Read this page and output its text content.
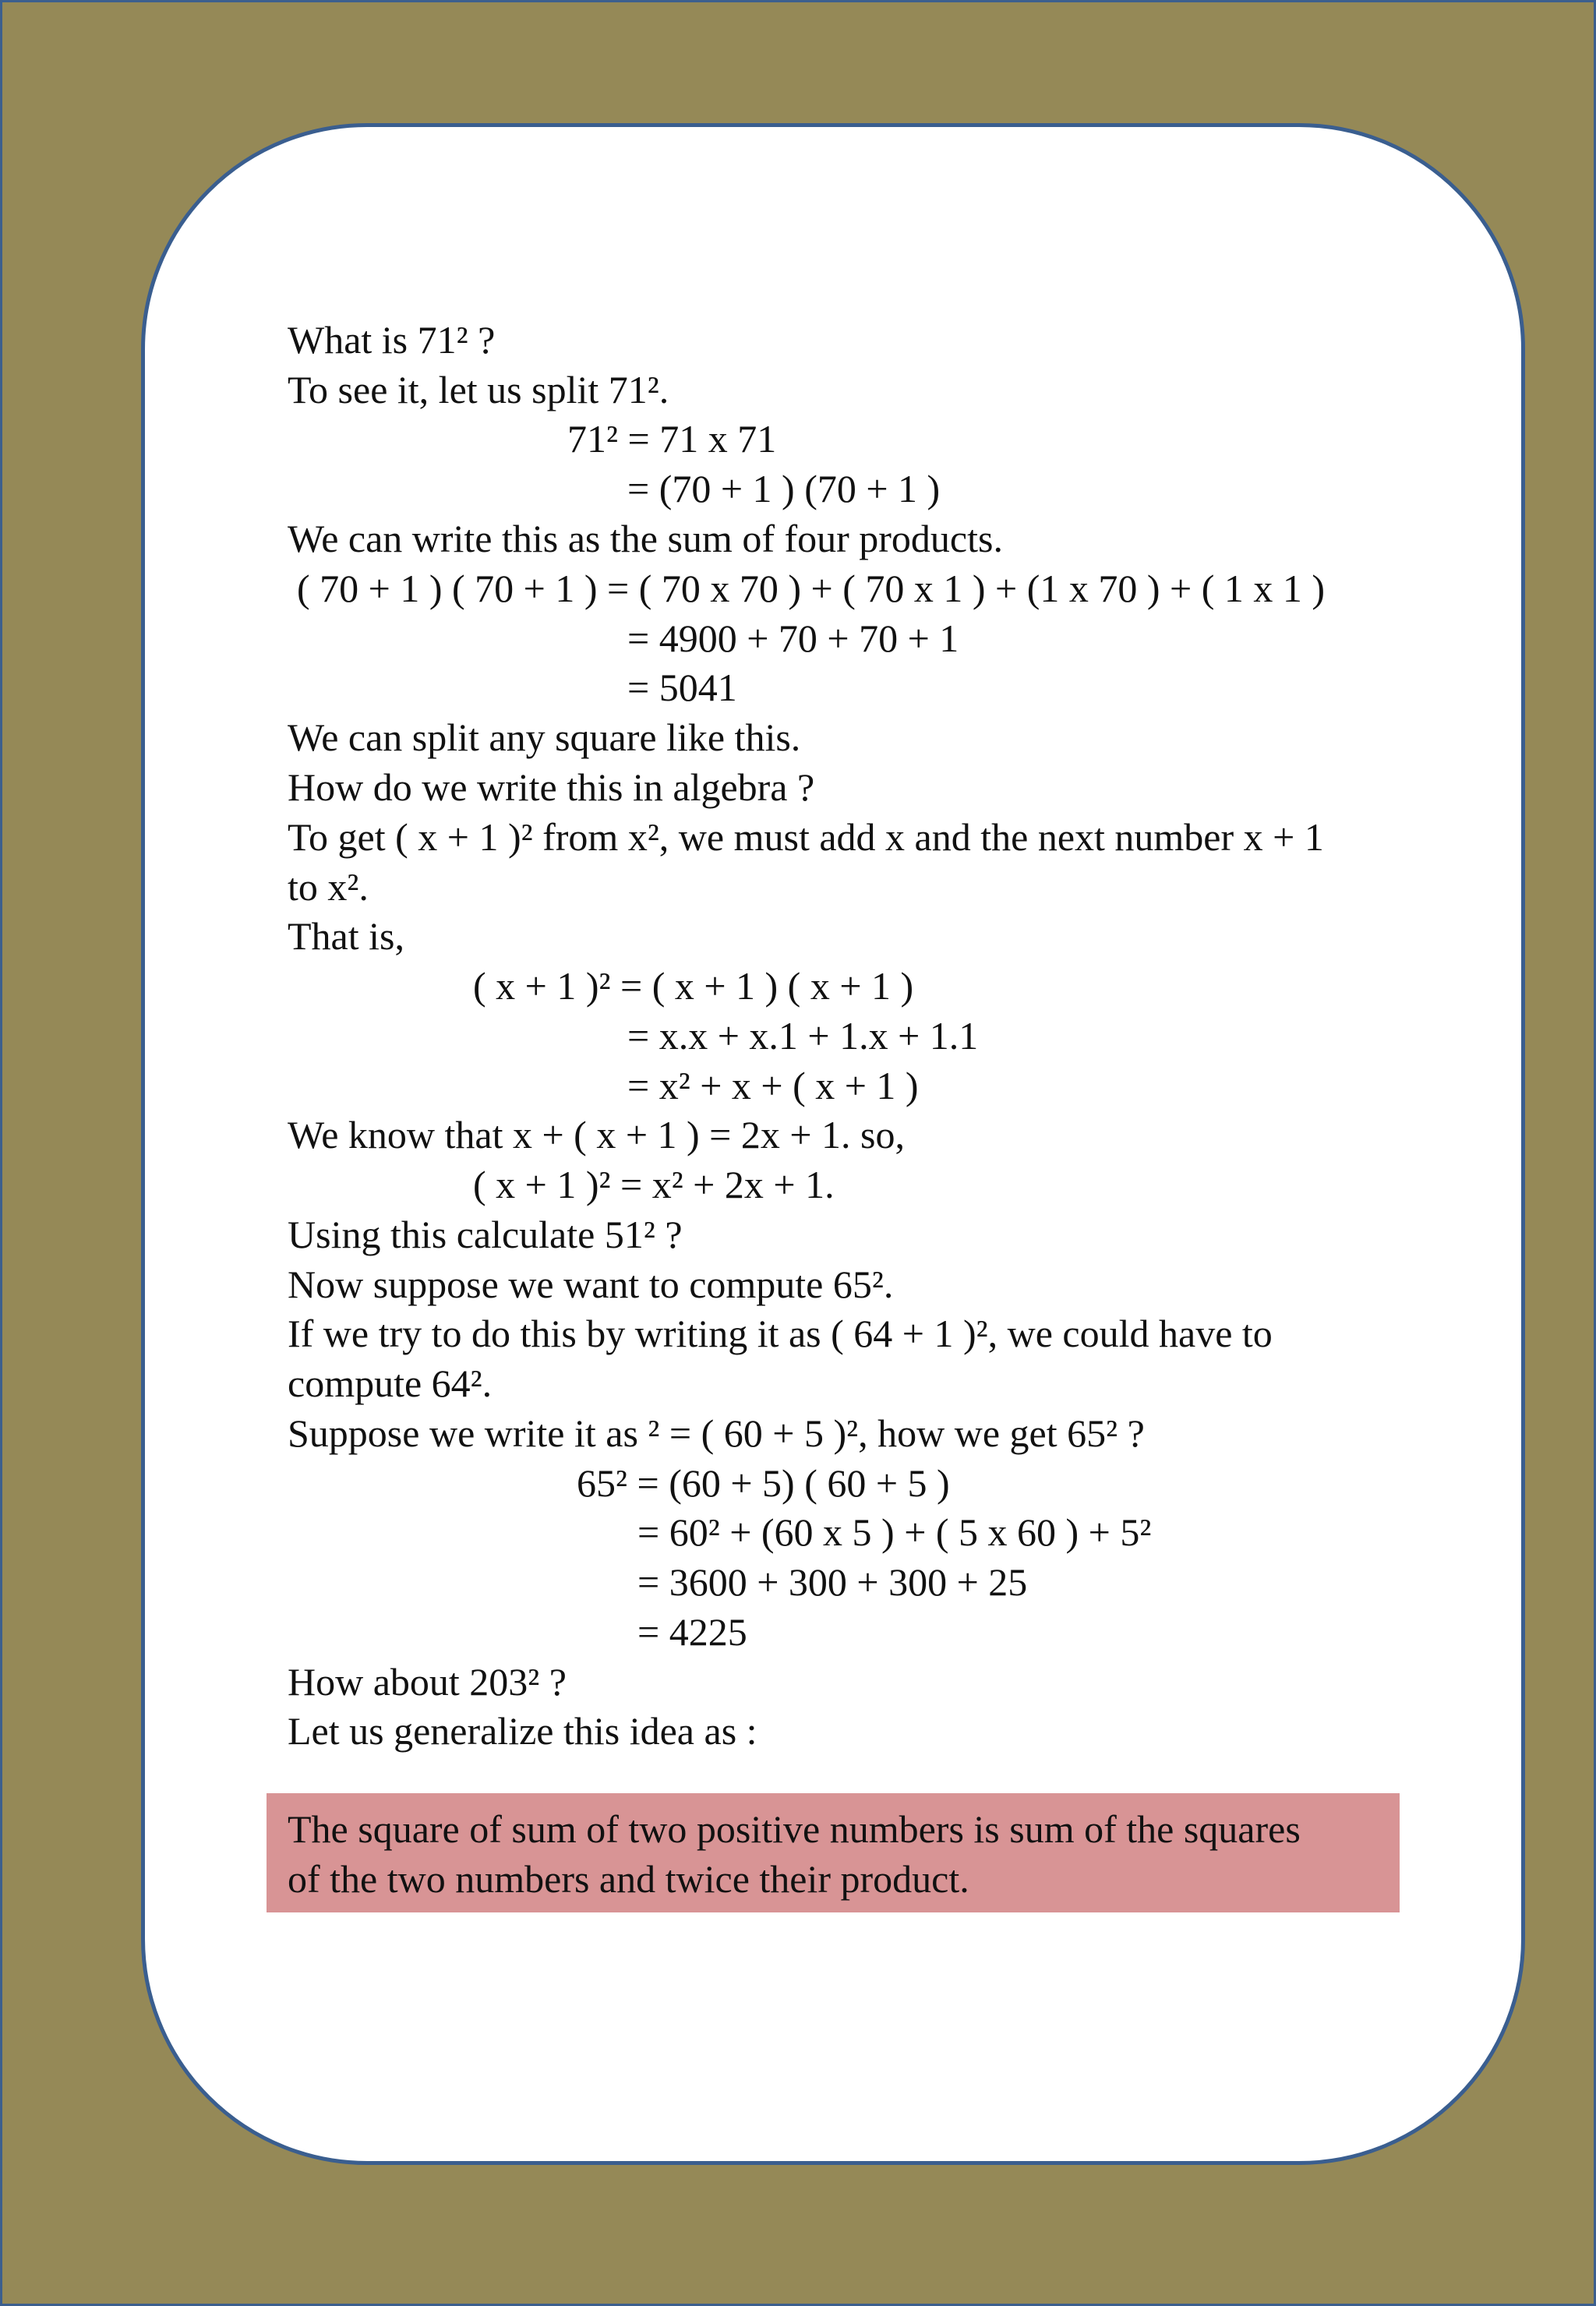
What is 71² ?
To see it, let us split 71².
71² = 71 x 71
= (70 + 1 ) (70 + 1 )
We can write this as the sum of four products.
( 70 + 1 ) ( 70 + 1 ) = ( 70 x 70 ) + ( 70 x 1 ) + (1 x 70 ) + ( 1 x 1 )
= 4900 + 70 + 70 + 1
= 5041
We can split any square like this.
How do we write this in algebra ?
To get ( x + 1 )² from x², we must add x and the next number x + 1
to x².
That is,
( x + 1 )² = ( x + 1 ) ( x + 1 )
= x.x + x.1 + 1.x + 1.1
= x² + x + ( x + 1 )
We know that x + ( x + 1 ) = 2x + 1. so,
( x + 1 )² = x² + 2x + 1.
Using this calculate 51² ?
Now suppose we want to compute 65².
If we try to do this by writing it as ( 64 + 1 )², we could have to
compute 64².
Suppose we write it as ² = ( 60 + 5 )², how we get 65² ?
65² = (60 + 5) ( 60 + 5 )
= 60² + (60 x 5 ) + ( 5 x 60 ) + 5²
= 3600 + 300 + 300 + 25
= 4225
How about 203² ?
Let us generalize this idea as :
The square of sum of two positive numbers is sum of the squares
of the two numbers and twice their product.
